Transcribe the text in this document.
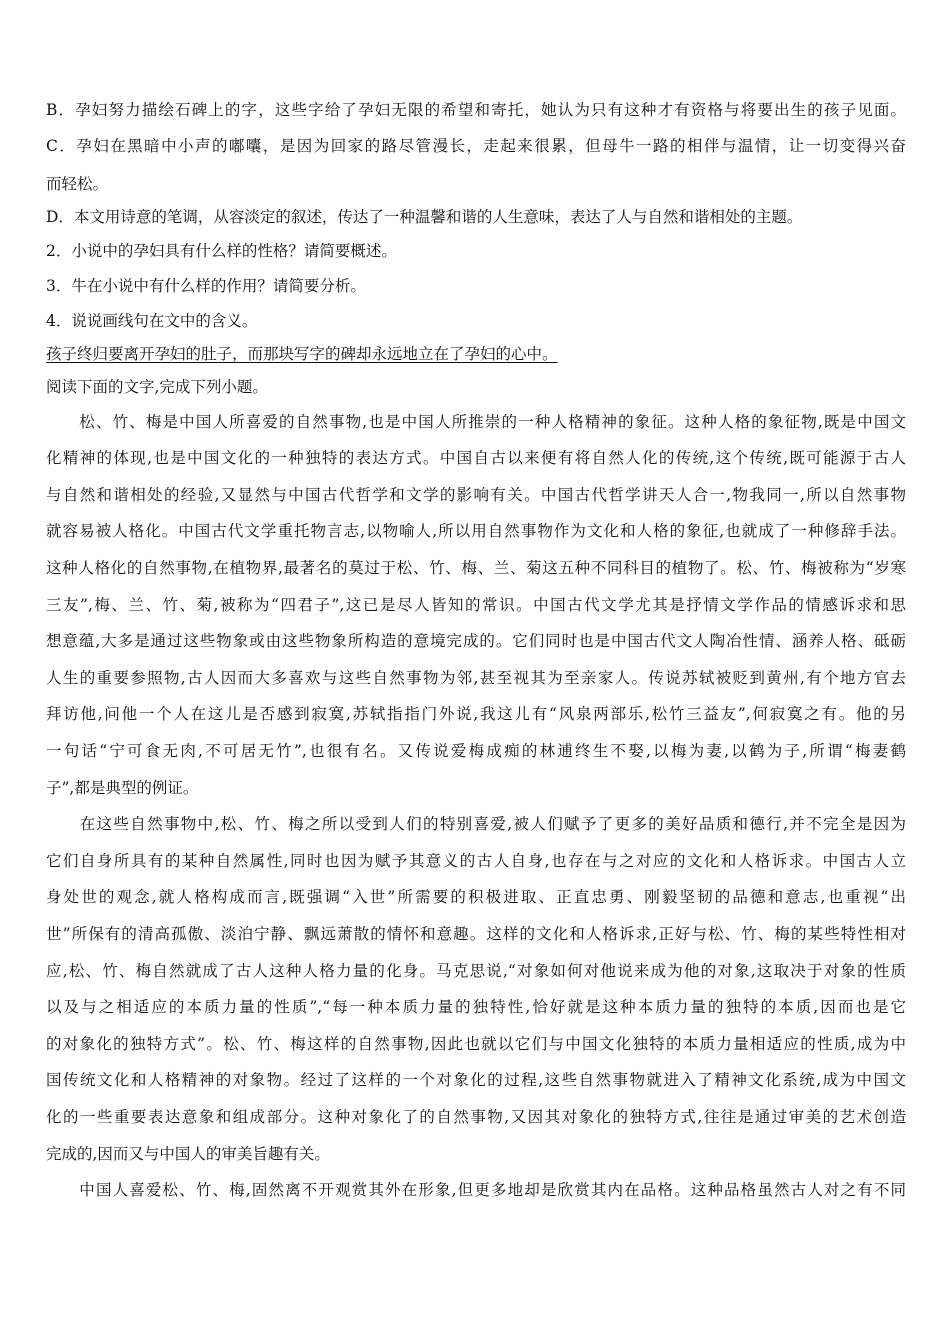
B．孕妇努力描绘石碑上的字，这些字给了孕妇无限的希望和寄托，她认为只有这种才有资格与将要出生的孩子见面。
C．孕妇在黑暗中小声的嘟囔，是因为回家的路尽管漫长，走起来很累，但母牛一路的相伴与温情，让一切变得兴奋
而轻松。
D．本文用诗意的笔调，从容淡定的叙述，传达了一种温馨和谐的人生意味，表达了人与自然和谐相处的主题。
2．小说中的孕妇具有什么样的性格？请简要概述。
3．牛在小说中有什么样的作用？请简要分析。
4．说说画线句在文中的含义。
孩子终归要离开孕妇的肚子，而那块写字的碑却永远地立在了孕妇的心中。
阅读下面的文字,完成下列小题。
　　松、竹、梅是中国人所喜爱的自然事物,也是中国人所推崇的一种人格精神的象征。这种人格的象征物,既是中国文
化精神的体现,也是中国文化的一种独特的表达方式。中国自古以来便有将自然人化的传统,这个传统,既可能源于古人
与自然和谐相处的经验,又显然与中国古代哲学和文学的影响有关。中国古代哲学讲天人合一,物我同一,所以自然事物
就容易被人格化。中国古代文学重托物言志,以物喻人,所以用自然事物作为文化和人格的象征,也就成了一种修辞手法。
这种人格化的自然事物,在植物界,最著名的莫过于松、竹、梅、兰、菊这五种不同科目的植物了。松、竹、梅被称为“岁寒
三友”,梅、兰、竹、菊,被称为“四君子”,这已是尽人皆知的常识。中国古代文学尤其是抒情文学作品的情感诉求和思
想意蕴,大多是通过这些物象或由这些物象所构造的意境完成的。它们同时也是中国古代文人陶冶性情、涵养人格、砥砺
人生的重要参照物,古人因而大多喜欢与这些自然事物为邻,甚至视其为至亲家人。传说苏轼被贬到黄州,有个地方官去
拜访他,问他一个人在这儿是否感到寂寞,苏轼指指门外说,我这儿有“风泉两部乐,松竹三益友”,何寂寞之有。他的另
一句话“宁可食无肉,不可居无竹”,也很有名。又传说爱梅成痴的林逋终生不娶,以梅为妻,以鹤为子,所谓“梅妻鹤
子”,都是典型的例证。
　　在这些自然事物中,松、竹、梅之所以受到人们的特别喜爱,被人们赋予了更多的美好品质和德行,并不完全是因为
它们自身所具有的某种自然属性,同时也因为赋予其意义的古人自身,也存在与之对应的文化和人格诉求。中国古人立
身处世的观念,就人格构成而言,既强调“入世”所需要的积极进取、正直忠勇、刚毅坚韧的品德和意志,也重视“出
世”所保有的清高孤傲、淡泊宁静、飘远萧散的情怀和意趣。这样的文化和人格诉求,正好与松、竹、梅的某些特性相对
应,松、竹、梅自然就成了古人这种人格力量的化身。马克思说,“对象如何对他说来成为他的对象,这取决于对象的性质
以及与之相适应的本质力量的性质”,“每一种本质力量的独特性,恰好就是这种本质力量的独特的本质,因而也是它
的对象化的独特方式”。松、竹、梅这样的自然事物,因此也就以它们与中国文化独特的本质力量相适应的性质,成为中
国传统文化和人格精神的对象物。经过了这样的一个对象化的过程,这些自然事物就进入了精神文化系统,成为中国文
化的一些重要表达意象和组成部分。这种对象化了的自然事物,又因其对象化的独特方式,往往是通过审美的艺术创造
完成的,因而又与中国人的审美旨趣有关。
　　中国人喜爱松、竹、梅,固然离不开观赏其外在形象,但更多地却是欣赏其内在品格。这种品格虽然古人对之有不同
